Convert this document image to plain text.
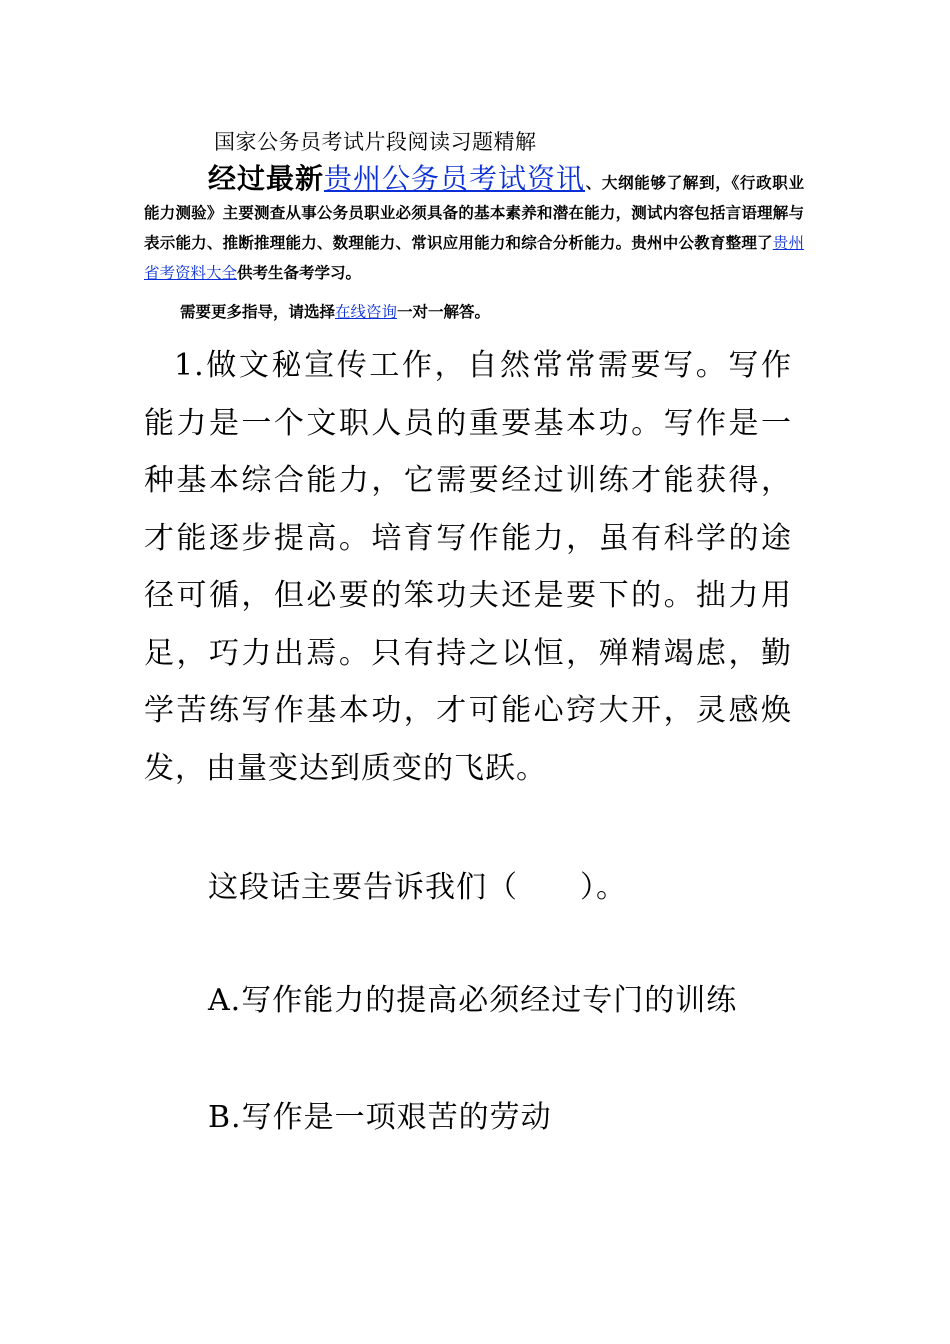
国家公务员考试片段阅读习题精解
经过最新贵州公务员考试资讯、大纲能够了解到，《行政职业能力测验》主要测查从事公务员职业必须具备的基本素养和潜在能力，测试内容包括言语理解与表示能力、推断推理能力、数理能力、常识应用能力和综合分析能力。贵州中公教育整理了贵州省考资料大全供考生备考学习。
需要更多指导，请选择在线咨询一对一解答。
1.做文秘宣传工作，自然常常需要写。写作能力是一个文职人员的重要基本功。写作是一种基本综合能力，它需要经过训练才能获得，才能逐步提高。培育写作能力，虽有科学的途径可循，但必要的笨功夫还是要下的。拙力用足，巧力出焉。只有持之以恒，殚精竭虑，勤学苦练写作基本功，才可能心窍大开，灵感焕发，由量变达到质变的飞跃。
这段话主要告诉我们（　　）。
A.写作能力的提高必须经过专门的训练
B.写作是一项艰苦的劳动
